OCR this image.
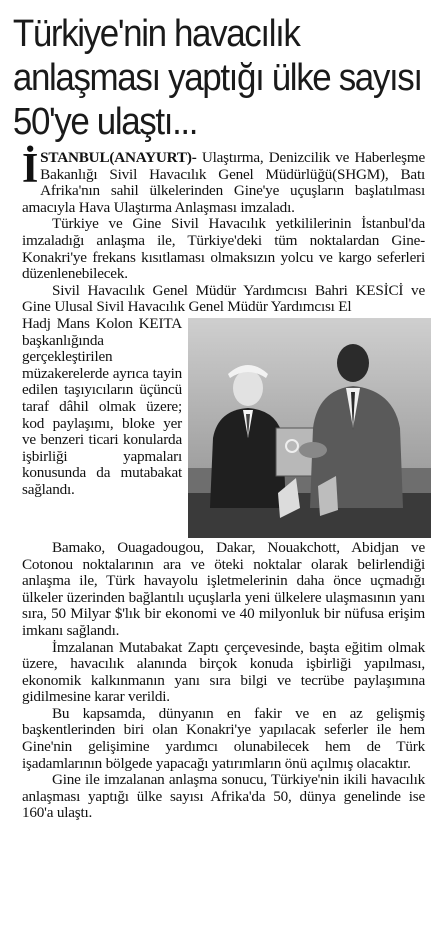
Türkiye'nin havacılık anlaşması yaptığı ülke sayısı 50'ye ulaştı...

İSTANBUL(ANAYURT)- Ulaştırma, Denizcilik ve Haberleşme Bakanlığı Sivil Havacılık Genel Müdürlüğü(SHGM), Batı Afrika'nın sahil ülkelerinden Gine'ye uçuşların başlatılması amacıyla Hava Ulaştırma Anlaşması imzaladı.

Türkiye ve Gine Sivil Havacılık yetkililerinin İstanbul'da imzaladığı anlaşma ile, Türkiye'deki tüm noktalardan Gine-Konakri'ye frekans kısıtlaması olmaksızın yolcu ve kargo seferleri düzenlenebilecek.

Sivil Havacılık Genel Müdür Yardımcısı Bahri KESİCİ ve Gine Ulusal Sivil Havacılık Genel Müdür Yardımcısı El

Hadj Mans Kolon KEITA başkanlığında gerçekleştirilen müzakerelerde ayrıca tayin edilen taşıyıcıların üçüncü taraf dâhil olmak üzere; kod paylaşımı, bloke yer ve benzeri ticari konularda işbirliği yapmaları konusunda da mutabakat sağlandı.

Bamako, Ouagadougou, Dakar, Nouakchott, Abidjan ve Cotonou noktalarının ara ve öteki noktalar olarak belirlendiği anlaşma ile, Türk havayolu işletmelerinin daha önce uçmadığı ülkeler üzerinden bağlantılı uçuşlarla yeni ülkelere ulaşmasının yanı sıra, 50 Milyar $'lık bir ekonomi ve 40 milyonluk bir nüfusa erişim imkanı sağlandı.

İmzalanan Mutabakat Zaptı çerçevesinde, başta eğitim olmak üzere, havacılık alanında birçok konuda işbirliği yapılması, ekonomik kalkınmanın yanı sıra bilgi ve tecrübe paylaşımına gidilmesine karar verildi.

Bu kapsamda, dünyanın en fakir ve en az gelişmiş başkentlerinden biri olan Konakri'ye yapılacak seferler ile hem Gine'nin gelişimine yardımcı olunabilecek hem de Türk işadamlarının bölgede yapacağı yatırımların önü açılmış olacaktır.

Gine ile imzalanan anlaşma sonucu, Türkiye'nin ikili havacılık anlaşması yaptığı ülke sayısı Afrika'da 50, dünya genelinde ise 160'a ulaştı.
